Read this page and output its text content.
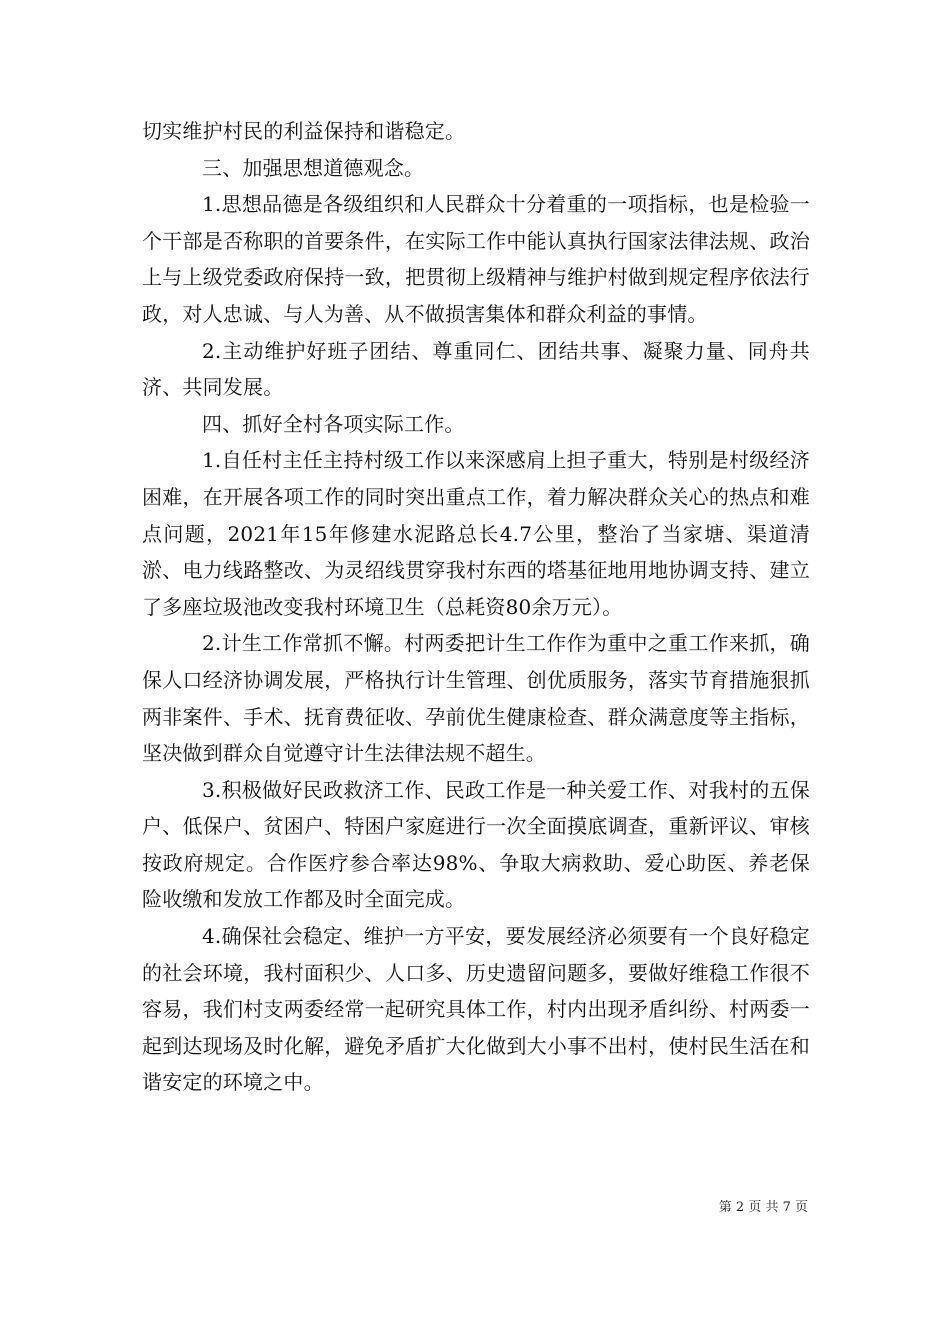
切实维护村民的利益保持和谐稳定。

三、加强思想道德观念。

1.思想品德是各级组织和人民群众十分着重的一项指标，也是检验一个干部是否称职的首要条件，在实际工作中能认真执行国家法律法规、政治上与上级党委政府保持一致，把贯彻上级精神与维护村做到规定程序依法行政，对人忠诚、与人为善、从不做损害集体和群众利益的事情。

2.主动维护好班子团结、尊重同仁、团结共事、凝聚力量、同舟共济、共同发展。

四、抓好全村各项实际工作。

1.自任村主任主持村级工作以来深感肩上担子重大，特别是村级经济困难，在开展各项工作的同时突出重点工作，着力解决群众关心的热点和难点问题，2021年15年修建水泥路总长4.7公里，整治了当家塘、渠道清淤、电力线路整改、为灵绍线贯穿我村东西的塔基征地用地协调支持、建立了多座垃圾池改变我村环境卫生（总耗资80余万元）。

2.计生工作常抓不懈。村两委把计生工作作为重中之重工作来抓，确保人口经济协调发展，严格执行计生管理、创优质服务，落实节育措施狠抓两非案件、手术、抚育费征收、孕前优生健康检查、群众满意度等主指标，坚决做到群众自觉遵守计生法律法规不超生。

3.积极做好民政救济工作、民政工作是一种关爱工作、对我村的五保户、低保户、贫困户、特困户家庭进行一次全面摸底调查，重新评议、审核按政府规定。合作医疗参合率达98%、争取大病救助、爱心助医、养老保险收缴和发放工作都及时全面完成。

4.确保社会稳定、维护一方平安，要发展经济必须要有一个良好稳定的社会环境，我村面积少、人口多、历史遗留问题多，要做好维稳工作很不容易，我们村支两委经常一起研究具体工作，村内出现矛盾纠纷、村两委一起到达现场及时化解，避免矛盾扩大化做到大小事不出村，使村民生活在和谐安定的环境之中。

第 2 页 共 7 页
